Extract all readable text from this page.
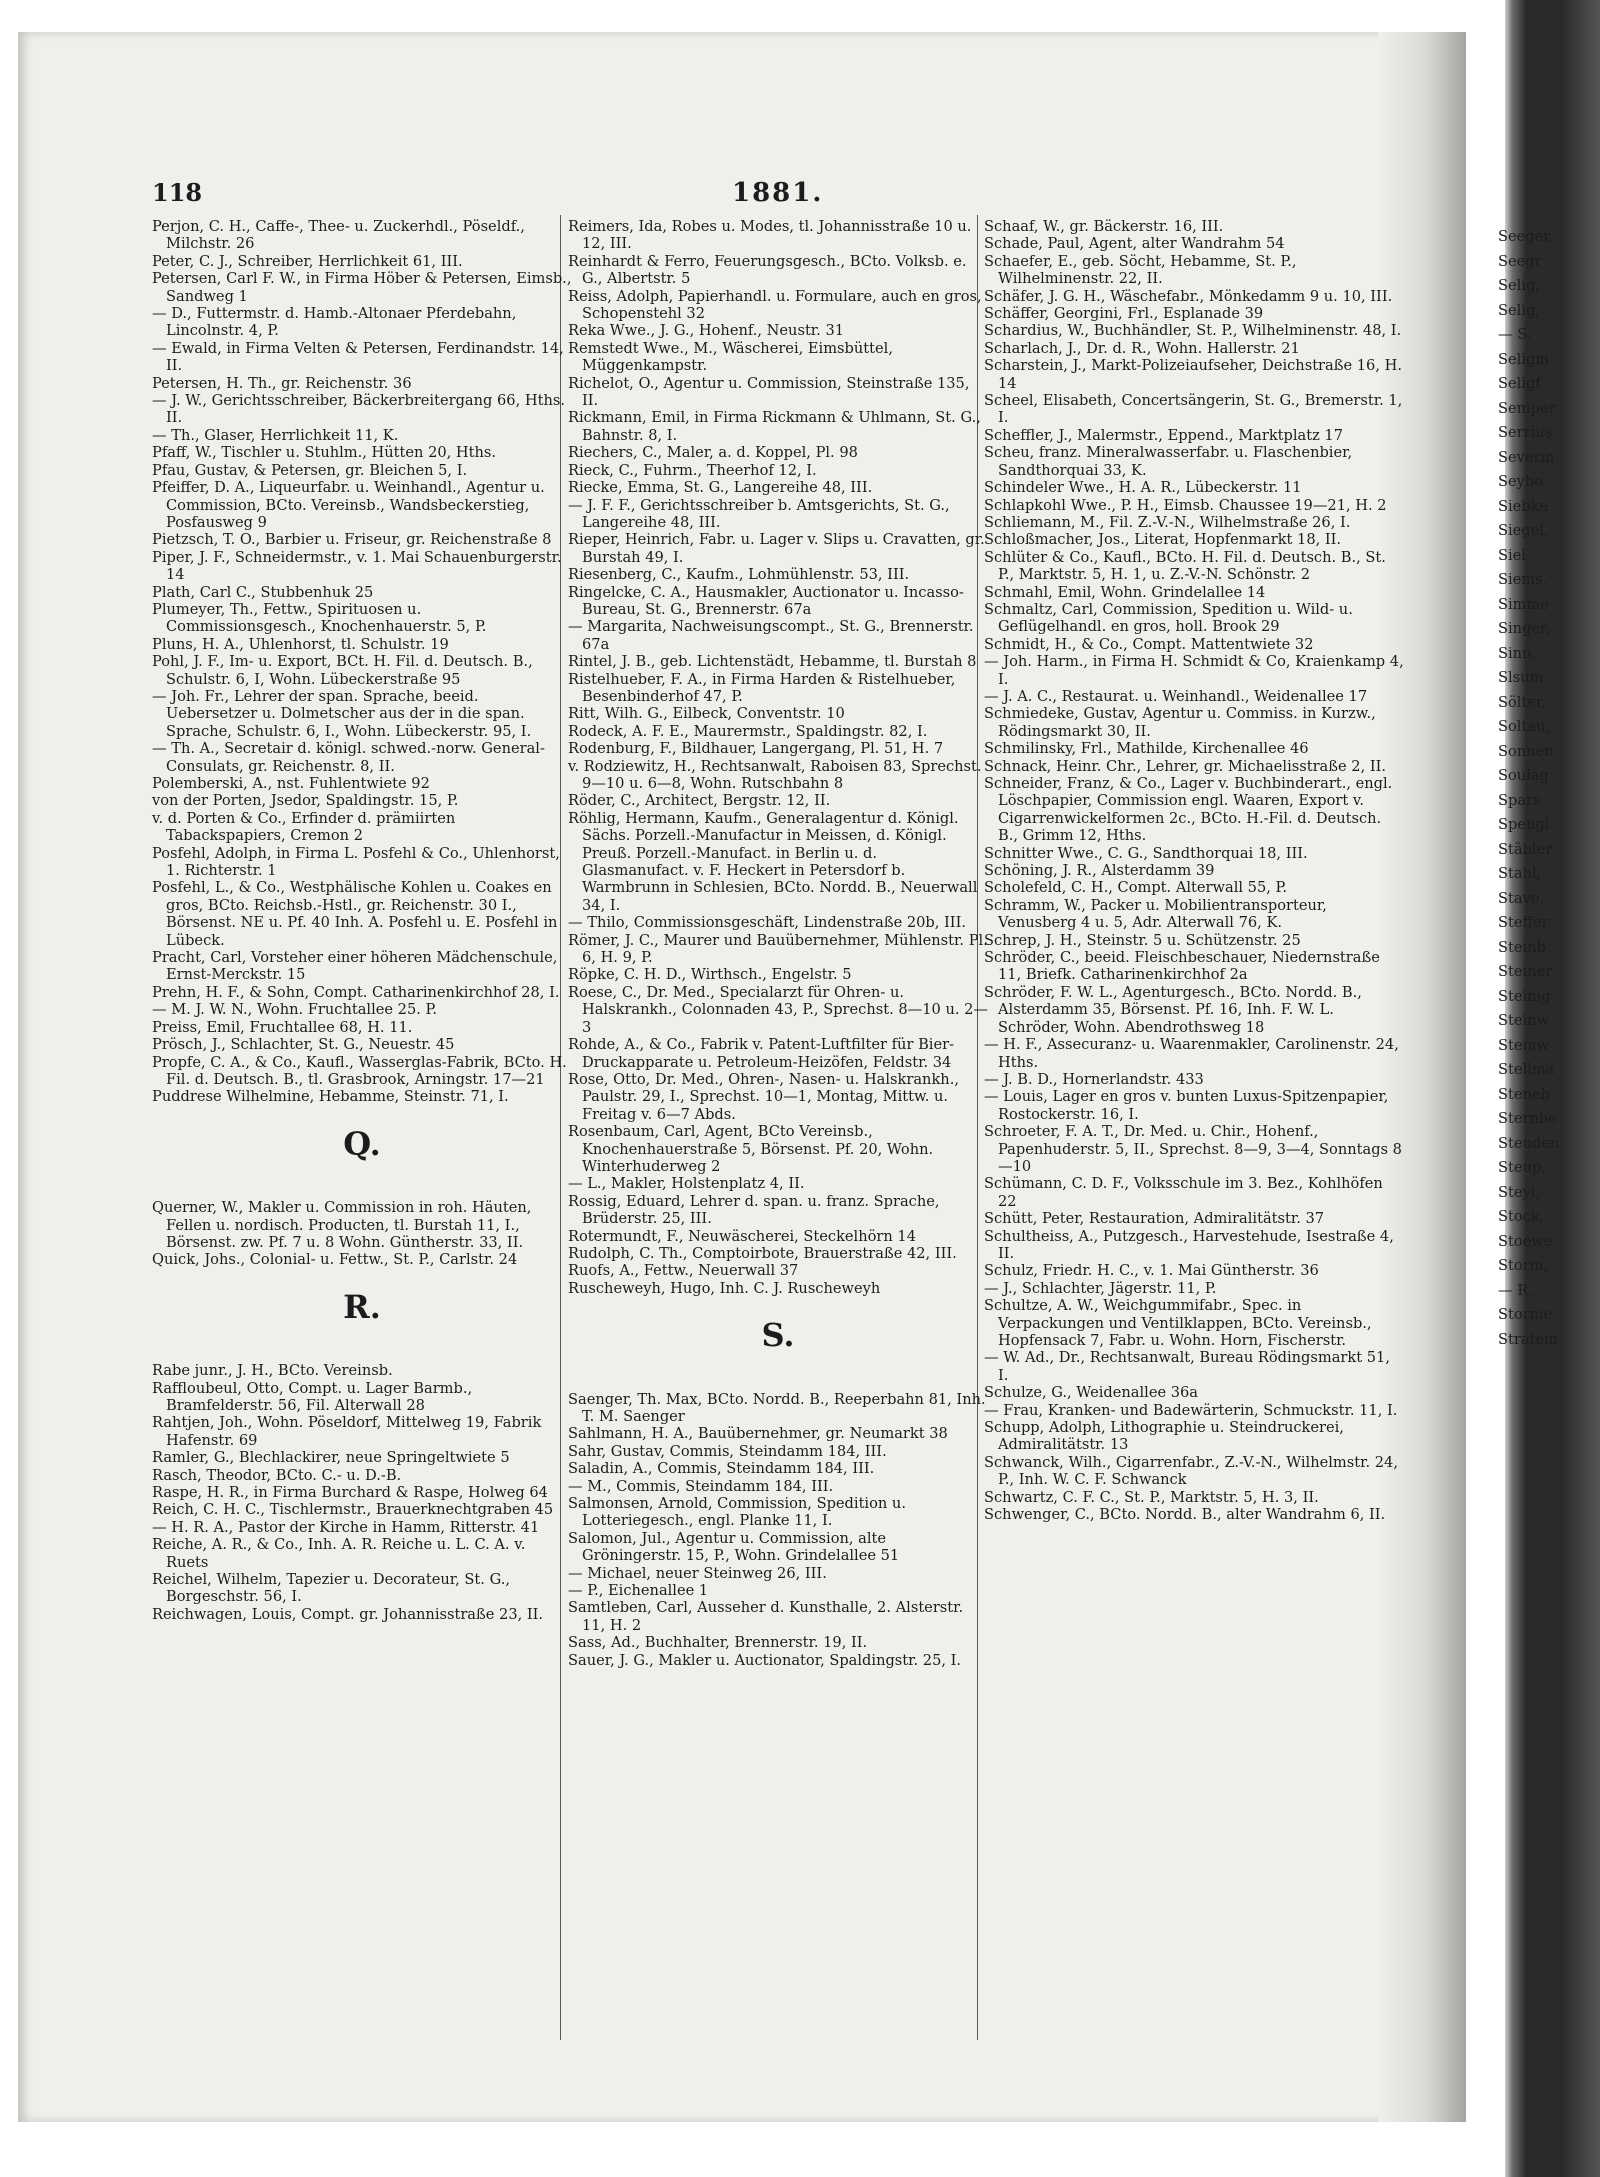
118	1881.

Perjon, C. H., Caffe-, Thee- u. Zuckerhdl., Pöseldf., Milchstr. 26

Peter, C. J., Schreiber, Herrlichkeit 61, III.

Petersen, Carl F. W., in Firma Höber & Petersen, Eimsb., Sandweg 1

— D., Futtermstr. d. Hamb.-Altonaer Pferdebahn, Lincolnstr. 4, P.

— Ewald, in Firma Velten & Petersen, Ferdinandstr. 14, II.

Petersen, H. Th., gr. Reichenstr. 36

— J. W., Gerichtsschreiber, Bäckerbreitergang 66, Hths. II.

— Th., Glaser, Herrlichkeit 11, K.

Pfaff, W., Tischler u. Stuhlm., Hütten 20, Hths.

Pfau, Gustav, & Petersen, gr. Bleichen 5, I.

Pfeiffer, D. A., Liqueurfabr. u. Weinhandl., Agentur u. Commission, BCto. Vereinsb., Wandsbeckerstieg, Posfausweg 9

Pietzsch, T. O., Barbier u. Friseur, gr. Reichenstraße 8

Piper, J. F., Schneidermstr., v. 1. Mai Schauenburgerstr. 14

Plath, Carl C., Stubbenhuk 25

Plumeyer, Th., Fettw., Spirituosen u. Commissionsgesch., Knochenhauerstr. 5, P.

Pluns, H. A., Uhlenhorst, tl. Schulstr. 19

Pohl, J. F., Im- u. Export, BCt. H. Fil. d. Deutsch. B., Schulstr. 6, I, Wohn. Lübeckerstraße 95

— Joh. Fr., Lehrer der span. Sprache, beeid. Uebersetzer u. Dolmetscher aus der in die span. Sprache, Schulstr. 6, I., Wohn. Lübeckerstr. 95, I.

— Th. A., Secretair d. königl. schwed.-norw. General-Consulats, gr. Reichenstr. 8, II.

Polemberski, A., nst. Fuhlentwiete 92

von der Porten, Jsedor, Spaldingstr. 15, P.

v. d. Porten & Co., Erfinder d. prämiirten Tabackspapiers, Cremon 2

Posfehl, Adolph, in Firma L. Posfehl & Co., Uhlenhorst, 1. Richterstr. 1

Posfehl, L., & Co., Westphälische Kohlen u. Coakes en gros, BCto. Reichsb.-Hstl., gr. Reichenstr. 30 I., Börsenst. NE u. Pf. 40 Inh. A. Posfehl u. E. Posfehl in Lübeck.

Pracht, Carl, Vorsteher einer höheren Mädchenschule, Ernst-Merckstr. 15

Prehn, H. F., & Sohn, Compt. Catharinenkirchhof 28, I.

— M. J. W. N., Wohn. Fruchtallee 25. P.

Preiss, Emil, Fruchtallee 68, H. 11.

Prösch, J., Schlachter, St. G., Neuestr. 45

Propfe, C. A., & Co., Kaufl., Wasserglas-Fabrik, BCto. H. Fil. d. Deutsch. B., tl. Grasbrook, Arningstr. 17—21

Puddrese Wilhelmine, Hebamme, Steinstr. 71, I.

Q.

Querner, W., Makler u. Commission in roh. Häuten, Fellen u. nordisch. Producten, tl. Burstah 11, I., Börsenst. zw. Pf. 7 u. 8 Wohn. Güntherstr. 33, II.

Quick, Johs., Colonial- u. Fettw., St. P., Carlstr. 24

R.

Rabe junr., J. H., BCto. Vereinsb.

Raffloubeul, Otto, Compt. u. Lager Barmb., Bramfelderstr. 56, Fil. Alterwall 28

Rahtjen, Joh., Wohn. Pöseldorf, Mittelweg 19, Fabrik Hafenstr. 69

Ramler, G., Blechlackirer, neue Springeltwiete 5

Rasch, Theodor, BCto. C.- u. D.-B.

Raspe, H. R., in Firma Burchard & Raspe, Holweg 64

Reich, C. H. C., Tischlermstr., Brauerknechtgraben 45

— H. R. A., Pastor der Kirche in Hamm, Ritterstr. 41

Reiche, A. R., & Co., Inh. A. R. Reiche u. L. C. A. v. Ruets

Reichel, Wilhelm, Tapezier u. Decorateur, St. G., Borgeschstr. 56, I.

Reichwagen, Louis, Compt. gr. Johannisstraße 23, II.

Reimers, Ida, Robes u. Modes, tl. Johannisstraße 10 u. 12, III.

Reinhardt & Ferro, Feuerungsgesch., BCto. Volksb. e. G., Albertstr. 5

Reiss, Adolph, Papierhandl. u. Formulare, auch en gros, Schopenstehl 32

Reka Wwe., J. G., Hohenf., Neustr. 31

Remstedt Wwe., M., Wäscherei, Eimsbüttel, Müggenkampstr.

Richelot, O., Agentur u. Commission, Steinstraße 135, II.

Rickmann, Emil, in Firma Rickmann & Uhlmann, St. G., Bahnstr. 8, I.

Riechers, C., Maler, a. d. Koppel, Pl. 98

Rieck, C., Fuhrm., Theerhof 12, I.

Riecke, Emma, St. G., Langereihe 48, III.

— J. F. F., Gerichtsschreiber b. Amtsgerichts, St. G., Langereihe 48, III.

Rieper, Heinrich, Fabr. u. Lager v. Slips u. Cravatten, gr. Burstah 49, I.

Riesenberg, C., Kaufm., Lohmühlenstr. 53, III.

Ringelcke, C. A., Hausmakler, Auctionator u. Incasso-Bureau, St. G., Brennerstr. 67a

— Margarita, Nachweisungscompt., St. G., Brennerstr. 67a

Rintel, J. B., geb. Lichtenstädt, Hebamme, tl. Burstah 8

Ristelhueber, F. A., in Firma Harden & Ristelhueber, Besenbinderhof 47, P.

Ritt, Wilh. G., Eilbeck, Conventstr. 10

Rodeck, A. F. E., Maurermstr., Spaldingstr. 82, I.

Rodenburg, F., Bildhauer, Langergang, Pl. 51, H. 7

v. Rodziewitz, H., Rechtsanwalt, Raboisen 83, Sprechst. 9—10 u. 6—8, Wohn. Rutschbahn 8

Röder, C., Architect, Bergstr. 12, II.

Röhlig, Hermann, Kaufm., Generalagentur d. Königl. Sächs. Porzell.-Manufactur in Meissen, d. Königl. Preuß. Porzell.-Manufact. in Berlin u. d. Glasmanufact. v. F. Heckert in Petersdorf b. Warmbrunn in Schlesien, BCto. Nordd. B., Neuerwall 34, I.

— Thilo, Commissionsgeschäft, Lindenstraße 20b, III.

Römer, J. C., Maurer und Bauübernehmer, Mühlenstr. Pl. 6, H. 9, P.

Röpke, C. H. D., Wirthsch., Engelstr. 5

Roese, C., Dr. Med., Specialarzt für Ohren- u. Halskrankh., Colonnaden 43, P., Sprechst. 8—10 u. 2—3

Rohde, A., & Co., Fabrik v. Patent-Luftfilter für Bier-Druckapparate u. Petroleum-Heizöfen, Feldstr. 34

Rose, Otto, Dr. Med., Ohren-, Nasen- u. Halskrankh., Paulstr. 29, I., Sprechst. 10—1, Montag, Mittw. u. Freitag v. 6—7 Abds.

Rosenbaum, Carl, Agent, BCto Vereinsb., Knochenhauerstraße 5, Börsenst. Pf. 20, Wohn. Winterhuderweg 2

— L., Makler, Holstenplatz 4, II.

Rossig, Eduard, Lehrer d. span. u. franz. Sprache, Brüderstr. 25, III.

Rotermundt, F., Neuwäscherei, Steckelhörn 14

Rudolph, C. Th., Comptoirbote, Brauerstraße 42, III.

Ruofs, A., Fettw., Neuerwall 37

Ruscheweyh, Hugo, Inh. C. J. Ruscheweyh

S.

Saenger, Th. Max, BCto. Nordd. B., Reeperbahn 81, Inh. T. M. Saenger

Sahlmann, H. A., Bauübernehmer, gr. Neumarkt 38

Sahr, Gustav, Commis, Steindamm 184, III.

Saladin, A., Commis, Steindamm 184, III.

— M., Commis, Steindamm 184, III.

Salmonsen, Arnold, Commission, Spedition u. Lotteriegesch., engl. Planke 11, I.

Salomon, Jul., Agentur u. Commission, alte Gröningerstr. 15, P., Wohn. Grindelallee 51

— Michael, neuer Steinweg 26, III.

— P., Eichenallee 1

Samtleben, Carl, Ausseher d. Kunsthalle, 2. Alsterstr. 11, H. 2

Sass, Ad., Buchhalter, Brennerstr. 19, II.

Sauer, J. G., Makler u. Auctionator, Spaldingstr. 25, I.

Schaaf, W., gr. Bäckerstr. 16, III.

Schade, Paul, Agent, alter Wandrahm 54

Schaefer, E., geb. Söcht, Hebamme, St. P., Wilhelminenstr. 22, II.

Schäfer, J. G. H., Wäschefabr., Mönkedamm 9 u. 10, III.

Schäffer, Georgini, Frl., Esplanade 39

Schardius, W., Buchhändler, St. P., Wilhelminenstr. 48, I.

Scharlach, J., Dr. d. R., Wohn. Hallerstr. 21

Scharstein, J., Markt-Polizeiaufseher, Deichstraße 16, H. 14

Scheel, Elisabeth, Concertsängerin, St. G., Bremerstr. 1, I.

Scheffler, J., Malermstr., Eppend., Marktplatz 17

Scheu, franz. Mineralwasserfabr. u. Flaschenbier, Sandthorquai 33, K.

Schindeler Wwe., H. A. R., Lübeckerstr. 11

Schlapkohl Wwe., P. H., Eimsb. Chaussee 19—21, H. 2

Schliemann, M., Fil. Z.-V.-N., Wilhelmstraße 26, I.

Schloßmacher, Jos., Literat, Hopfenmarkt 18, II.

Schlüter & Co., Kaufl., BCto. H. Fil. d. Deutsch. B., St. P., Marktstr. 5, H. 1, u. Z.-V.-N. Schönstr. 2

Schmahl, Emil, Wohn. Grindelallee 14

Schmaltz, Carl, Commission, Spedition u. Wild- u. Geflügelhandl. en gros, holl. Brook 29

Schmidt, H., & Co., Compt. Mattentwiete 32

— Joh. Harm., in Firma H. Schmidt & Co, Kraienkamp 4, I.

— J. A. C., Restaurat. u. Weinhandl., Weidenallee 17

Schmiedeke, Gustav, Agentur u. Commiss. in Kurzw., Rödingsmarkt 30, II.

Schmilinsky, Frl., Mathilde, Kirchenallee 46

Schnack, Heinr. Chr., Lehrer, gr. Michaelisstraße 2, II.

Schneider, Franz, & Co., Lager v. Buchbinderart., engl. Löschpapier, Commission engl. Waaren, Export v. Cigarrenwickelformen 2c., BCto. H.-Fil. d. Deutsch. B., Grimm 12, Hths.

Schnitter Wwe., C. G., Sandthorquai 18, III.

Schöning, J. R., Alsterdamm 39

Scholefeld, C. H., Compt. Alterwall 55, P.

Schramm, W., Packer u. Mobilientransporteur, Venusberg 4 u. 5, Adr. Alterwall 76, K.

Schrep, J. H., Steinstr. 5 u. Schützenstr. 25

Schröder, C., beeid. Fleischbeschauer, Niedernstraße 11, Briefk. Catharinenkirchhof 2a

Schröder, F. W. L., Agenturgesch., BCto. Nordd. B., Alsterdamm 35, Börsenst. Pf. 16, Inh. F. W. L. Schröder, Wohn. Abendrothsweg 18

— H. F., Assecuranz- u. Waarenmakler, Carolinenstr. 24, Hths.

— J. B. D., Hornerlandstr. 433

— Louis, Lager en gros v. bunten Luxus-Spitzenpapier, Rostockerstr. 16, I.

Schroeter, F. A. T., Dr. Med. u. Chir., Hohenf., Papenhuderstr. 5, II., Sprechst. 8—9, 3—4, Sonntags 8—10

Schümann, C. D. F., Volksschule im 3. Bez., Kohlhöfen 22

Schütt, Peter, Restauration, Admiralitätstr. 37

Schultheiss, A., Putzgesch., Harvestehude, Isestraße 4, II.

Schulz, Friedr. H. C., v. 1. Mai Güntherstr. 36

— J., Schlachter, Jägerstr. 11, P.

Schultze, A. W., Weichgummifabr., Spec. in Verpackungen und Ventilklappen, BCto. Vereinsb., Hopfensack 7, Fabr. u. Wohn. Horn, Fischerstr.

— W. Ad., Dr., Rechtsanwalt, Bureau Rödingsmarkt 51, I.

Schulze, G., Weidenallee 36a

— Frau, Kranken- und Badewärterin, Schmuckstr. 11, I.

Schupp, Adolph, Lithographie u. Steindruckerei, Admiralitätstr. 13

Schwanck, Wilh., Cigarrenfabr., Z.-V.-N., Wilhelmstr. 24, P., Inh. W. C. F. Schwanck

Schwartz, C. F. C., St. P., Marktstr. 5, H. 3, II.

Schwenger, C., BCto. Nordd. B., alter Wandrahm 6, II.

Seeger,
Seegr
Selig,
Selig,
— S.
Seligm
Seligf
Semper
Serrius
Severin
Seybo
Siebke
Siegel,
Siel,
Siems,
Simme
Singer,
Sinn,
Slsum
Sölter,
Soltau,
Sonnen
Soulag
Spars
Spengl
Stäbler
Stahl,
Stave,
Steffer
Steinb
Steiner
Steinig
Steinw
Steinw
Stellma
Steneb
Sternbe
Steuden
Steup,
Steyl,
Stock,
Stoewe
Storm,
— R.
Storme
Stratem
